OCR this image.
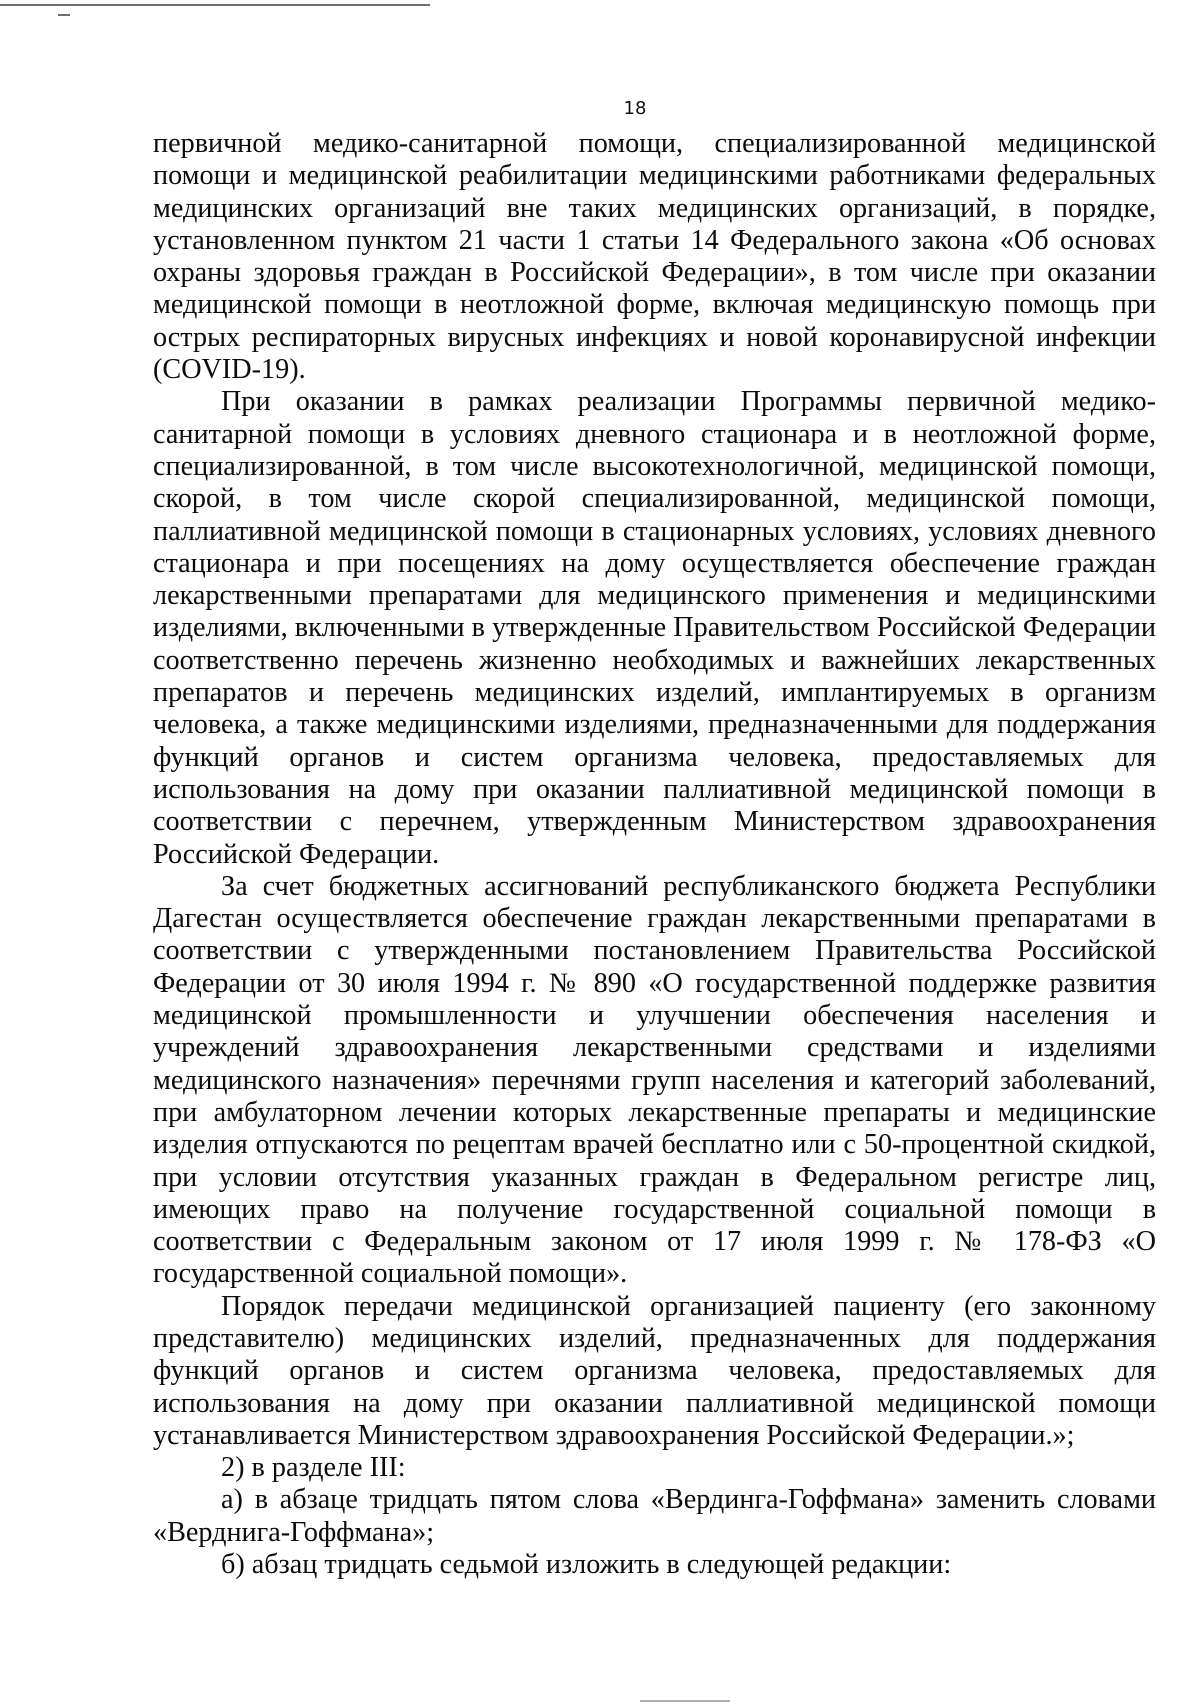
18

первичной медико-санитарной помощи, специализированной медицинской помощи и медицинской реабилитации медицинскими работниками федеральных медицинских организаций вне таких медицинских организаций, в порядке, установленном пунктом 21 части 1 статьи 14 Федерального закона «Об основах охраны здоровья граждан в Российской Федерации», в том числе при оказании медицинской помощи в неотложной форме, включая медицинскую помощь при острых респираторных вирусных инфекциях и новой коронавирусной инфекции (COVID-19).

При оказании в рамках реализации Программы первичной медико-санитарной помощи в условиях дневного стационара и в неотложной форме, специализированной, в том числе высокотехнологичной, медицинской помощи, скорой, в том числе скорой специализированной, медицинской помощи, паллиативной медицинской помощи в стационарных условиях, условиях дневного стационара и при посещениях на дому осуществляется обеспечение граждан лекарственными препаратами для медицинского применения и медицинскими изделиями, включенными в утвержденные Правительством Российской Федерации соответственно перечень жизненно необходимых и важнейших лекарственных препаратов и перечень медицинских изделий, имплантируемых в организм человека, а также медицинскими изделиями, предназначенными для поддержания функций органов и систем организма человека, предоставляемых для использования на дому при оказании паллиативной медицинской помощи в соответствии с перечнем, утвержденным Министерством здравоохранения Российской Федерации.

За счет бюджетных ассигнований республиканского бюджета Республики Дагестан осуществляется обеспечение граждан лекарственными препаратами в соответствии с утвержденными постановлением Правительства Российской Федерации от 30 июля 1994 г. № 890 «О государственной поддержке развития медицинской промышленности и улучшении обеспечения населения и учреждений здравоохранения лекарственными средствами и изделиями медицинского назначения» перечнями групп населения и категорий заболеваний, при амбулаторном лечении которых лекарственные препараты и медицинские изделия отпускаются по рецептам врачей бесплатно или с 50-процентной скидкой, при условии отсутствия указанных граждан в Федеральном регистре лиц, имеющих право на получение государственной социальной помощи в соответствии с Федеральным законом от 17 июля 1999 г. № 178-ФЗ «О государственной социальной помощи».

Порядок передачи медицинской организацией пациенту (его законному представителю) медицинских изделий, предназначенных для поддержания функций органов и систем организма человека, предоставляемых для использования на дому при оказании паллиативной медицинской помощи устанавливается Министерством здравоохранения Российской Федерации.»;

2) в разделе III:

а) в абзаце тридцать пятом слова «Вердинга-Гоффмана» заменить словами «Верднига-Гоффмана»;

б) абзац тридцать седьмой изложить в следующей редакции:
